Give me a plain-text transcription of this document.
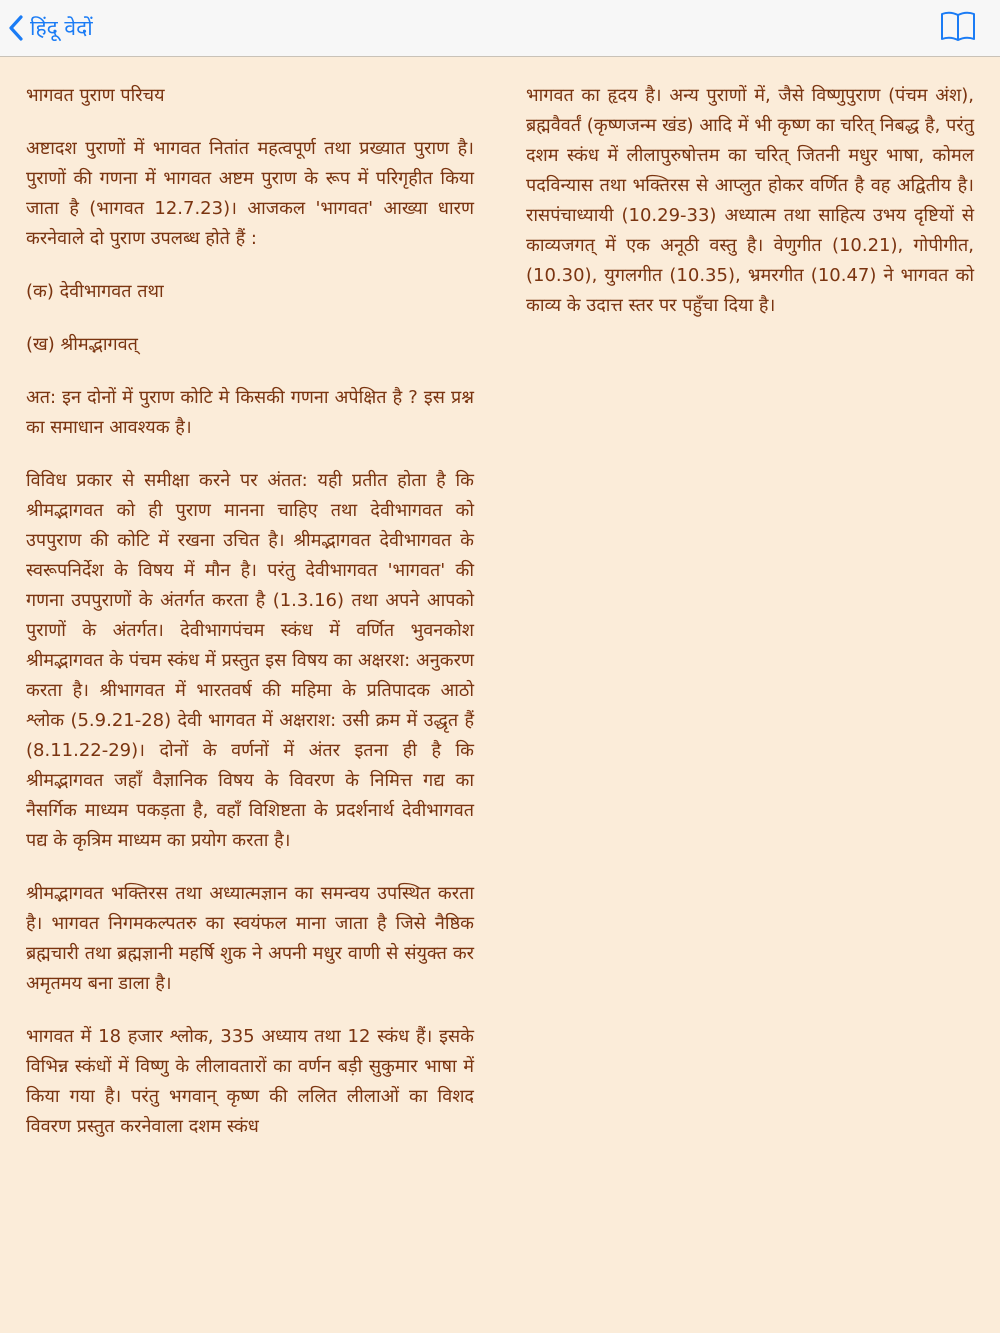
हिंदू वेदों

भागवत पुराण परिचय

अष्टादश पुराणों में भागवत नितांत महत्वपूर्ण तथा प्रख्यात पुराण है। पुराणों की गणना में भागवत अष्टम पुराण के रूप में परिगृहीत किया जाता है (भागवत 12.7.23)। आजकल 'भागवत' आख्या धारण करनेवाले दो पुराण उपलब्ध होते हैं :

(क) देवीभागवत तथा

(ख) श्रीमद्भागवत्

अत: इन दोनों में पुराण कोटि मे किसकी गणना अपेक्षित है ? इस प्रश्न का समाधान आवश्यक है।

विविध प्रकार से समीक्षा करने पर अंतत: यही प्रतीत होता है कि श्रीमद्भागवत को ही पुराण मानना चाहिए तथा देवीभागवत को उपपुराण की कोटि में रखना उचित है। श्रीमद्भागवत देवीभागवत के स्वरूपनिर्देश के विषय में मौन है। परंतु देवीभागवत 'भागवत' की गणना उपपुराणों के अंतर्गत करता है (1.3.16) तथा अपने आपको पुराणों के अंतर्गत। देवीभागपंचम स्कंध में वर्णित भुवनकोश श्रीमद्भागवत के पंचम स्कंध में प्रस्तुत इस विषय का अक्षरश: अनुकरण करता है। श्रीभागवत में भारतवर्ष की महिमा के प्रतिपादक आठो श्लोक (5.9.21-28) देवी भागवत में अक्षराश: उसी क्रम में उद्धृत हैं (8.11.22-29)। दोनों के वर्णनों में अंतर इतना ही है कि श्रीमद्भागवत जहाँ वैज्ञानिक विषय के विवरण के निमित्त गद्य का नैसर्गिक माध्यम पकड़ता है, वहाँ विशिष्टता के प्रदर्शनार्थ देवीभागवत पद्य के कृत्रिम माध्यम का प्रयोग करता है।

श्रीमद्भागवत भक्तिरस तथा अध्यात्मज्ञान का समन्वय उपस्थित करता है। भागवत निगमकल्पतरु का स्वयंफल माना जाता है जिसे नैष्ठिक ब्रह्मचारी तथा ब्रह्मज्ञानी महर्षि शुक ने अपनी मधुर वाणी से संयुक्त कर अमृतमय बना डाला है।

भागवत में 18 हजार श्लोक, 335 अध्याय तथा 12 स्कंध हैं। इसके विभिन्न स्कंधों में विष्णु के लीलावतारों का वर्णन बड़ी सुकुमार भाषा में किया गया है। परंतु भगवान् कृष्ण की ललित लीलाओं का विशद विवरण प्रस्तुत करनेवाला दशम स्कंध

भागवत का हृदय है। अन्य पुराणों में, जैसे विष्णुपुराण (पंचम अंश), ब्रह्मवैवर्तं (कृष्णजन्म खंड) आदि में भी कृष्ण का चरित् निबद्ध है, परंतु दशम स्कंध में लीलापुरुषोत्तम का चरित् जितनी मधुर भाषा, कोमल पदविन्यास तथा भक्तिरस से आप्लुत होकर वर्णित है वह अद्वितीय है। रासपंचाध्यायी (10.29-33) अध्यात्म तथा साहित्य उभय दृष्टियों से काव्यजगत् में एक अनूठी वस्तु है। वेणुगीत (10.21), गोपीगीत, (10.30), युगलगीत (10.35), भ्रमरगीत (10.47) ने भागवत को काव्य के उदात्त स्तर पर पहुँचा दिया है।
